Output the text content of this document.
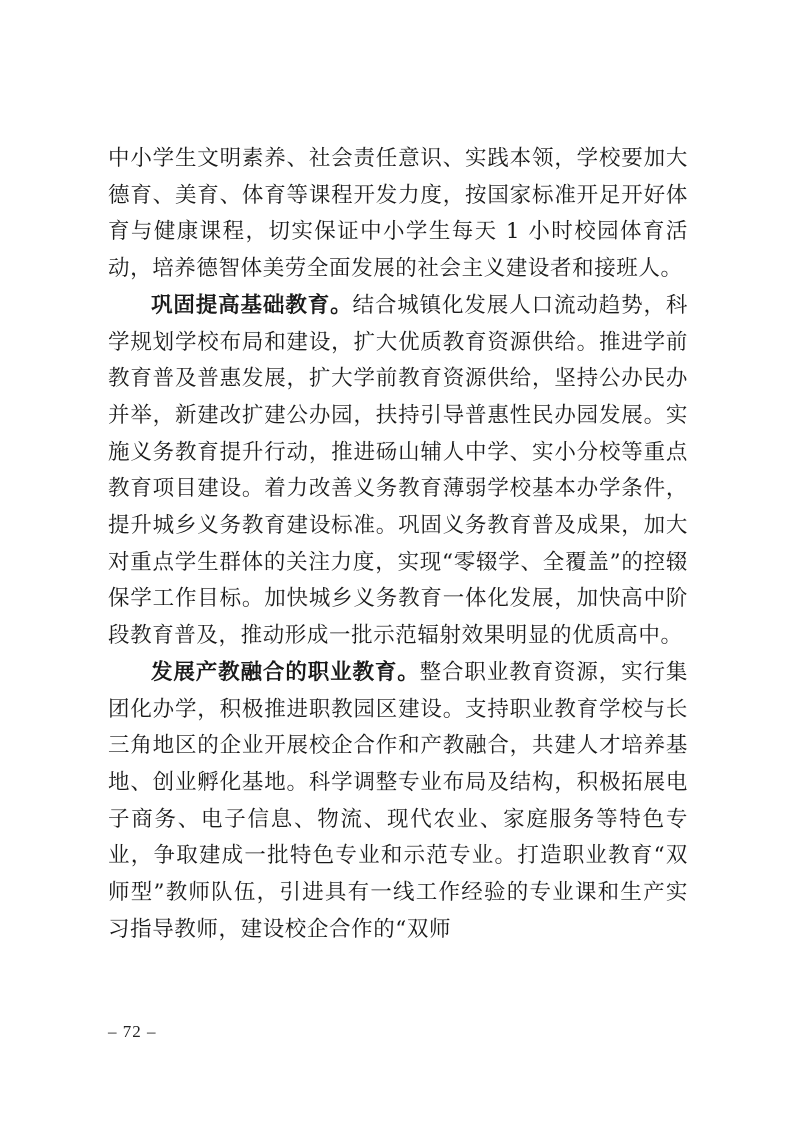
中小学生文明素养、社会责任意识、实践本领，学校要加大德育、美育、体育等课程开发力度，按国家标准开足开好体育与健康课程，切实保证中小学生每天 1 小时校园体育活动，培养德智体美劳全面发展的社会主义建设者和接班人。

巩固提高基础教育。结合城镇化发展人口流动趋势，科学规划学校布局和建设，扩大优质教育资源供给。推进学前教育普及普惠发展，扩大学前教育资源供给，坚持公办民办并举，新建改扩建公办园，扶持引导普惠性民办园发展。实施义务教育提升行动，推进砀山辅人中学、实小分校等重点教育项目建设。着力改善义务教育薄弱学校基本办学条件，提升城乡义务教育建设标准。巩固义务教育普及成果，加大对重点学生群体的关注力度，实现“零辍学、全覆盖”的控辍保学工作目标。加快城乡义务教育一体化发展，加快高中阶段教育普及，推动形成一批示范辐射效果明显的优质高中。

发展产教融合的职业教育。整合职业教育资源，实行集团化办学，积极推进职教园区建设。支持职业教育学校与长三角地区的企业开展校企合作和产教融合，共建人才培养基地、创业孵化基地。科学调整专业布局及结构，积极拓展电子商务、电子信息、物流、现代农业、家庭服务等特色专业，争取建成一批特色专业和示范专业。打造职业教育“双师型”教师队伍，引进具有一线工作经验的专业课和生产实习指导教师，建设校企合作的“双师

– 72 –
